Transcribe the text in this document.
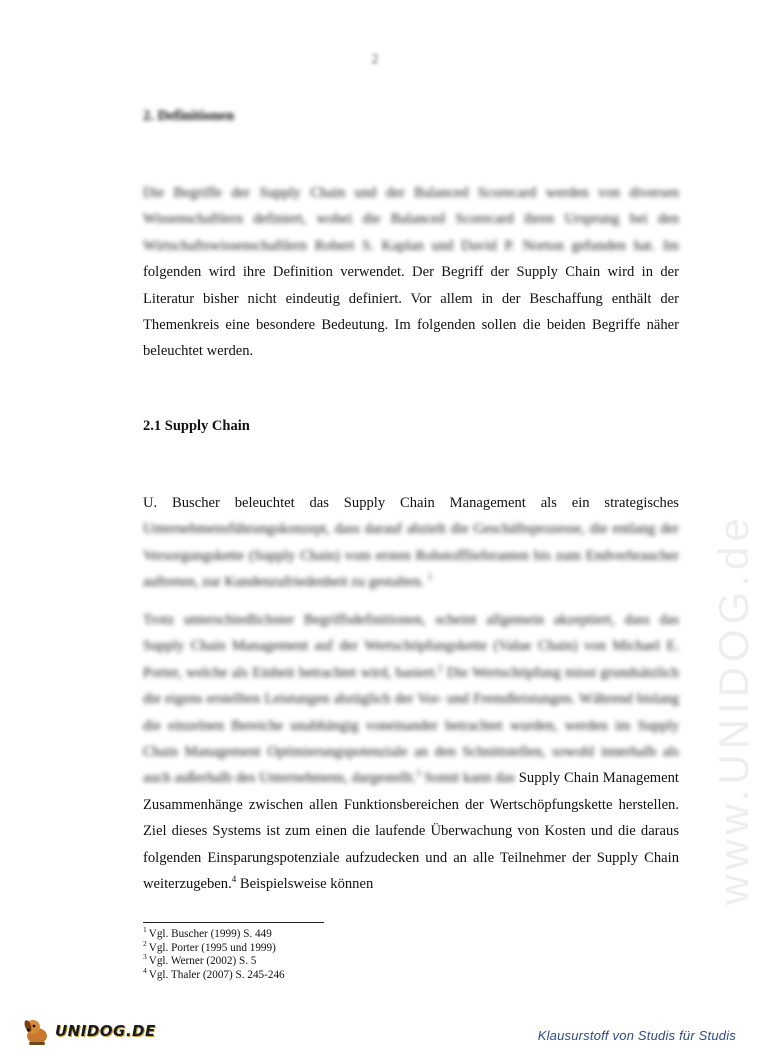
2
2. Definitionen

Die Begriffe der Supply Chain und der Balanced Scorecard werden von diversen Wissenschaftlern definiert, wobei die Balanced Scorecard ihren Ursprung bei den Wirtschaftswissenschaftlern Robert S. Kaplan und David P. Norton gefunden hat. Im folgenden wird ihre Definition verwendet. Der Begriff der Supply Chain wird in der Literatur bisher nicht eindeutig definiert. Vor allem in der Beschaffung enthält der Themenkreis eine besondere Bedeutung. Im folgenden sollen die beiden Begriffe näher beleuchtet werden.

2.1 Supply Chain

U. Buscher beleuchtet das Supply Chain Management als ein strategisches Unternehmensführungskonzept, dass darauf abzielt die Geschäftsprozesse, die entlang der Versorgungskette (Supply Chain) vom ersten Rohstofflieferanten bis zum Endverbraucher auftreten, zur Kundenzufriedenheit zu gestalten. $^1$

Trotz unterschiedlichster Begriffsdefinitionen, scheint allgemein akzeptiert, dass das Supply Chain Management auf der Wertschöpfungskette (Value Chain) von Michael E. Porter, welche als Einheit betrachtet wird, basiert.$^2$ Die Wertschöpfung misst grundsätzlich die eigens erstellten Leistungen abzüglich der Vor- und Fremdleistungen. Während bislang die einzelnen Bereiche unabhängig voneinander betrachtet wurden, werden im Supply Chain Management Optimierungspotenziale an den Schnittstellen, sowohl innerhalb als auch außerhalb des Unternehmens, dargestellt.$^3$ Somit kann das Supply Chain Management Zusammenhänge zwischen allen Funktionsbereichen der Wertschöpfungskette herstellen. Ziel dieses Systems ist zum einen die laufende Überwachung von Kosten und die daraus folgenden Einsparungspotenziale aufzudecken und an alle Teilnehmer der Supply Chain weiterzugeben.$^4$ Beispielsweise können

$^1$ Vgl. Buscher (1999) S. 449
$^2$ Vgl. Porter (1995 und 1999)
$^3$ Vgl. Werner (2002) S. 5
$^4$ Vgl. Thaler (2007) S. 245-246
www.UNIDOG.de
UNIDOG.DE	Klausurstoff von Studis für Studis
